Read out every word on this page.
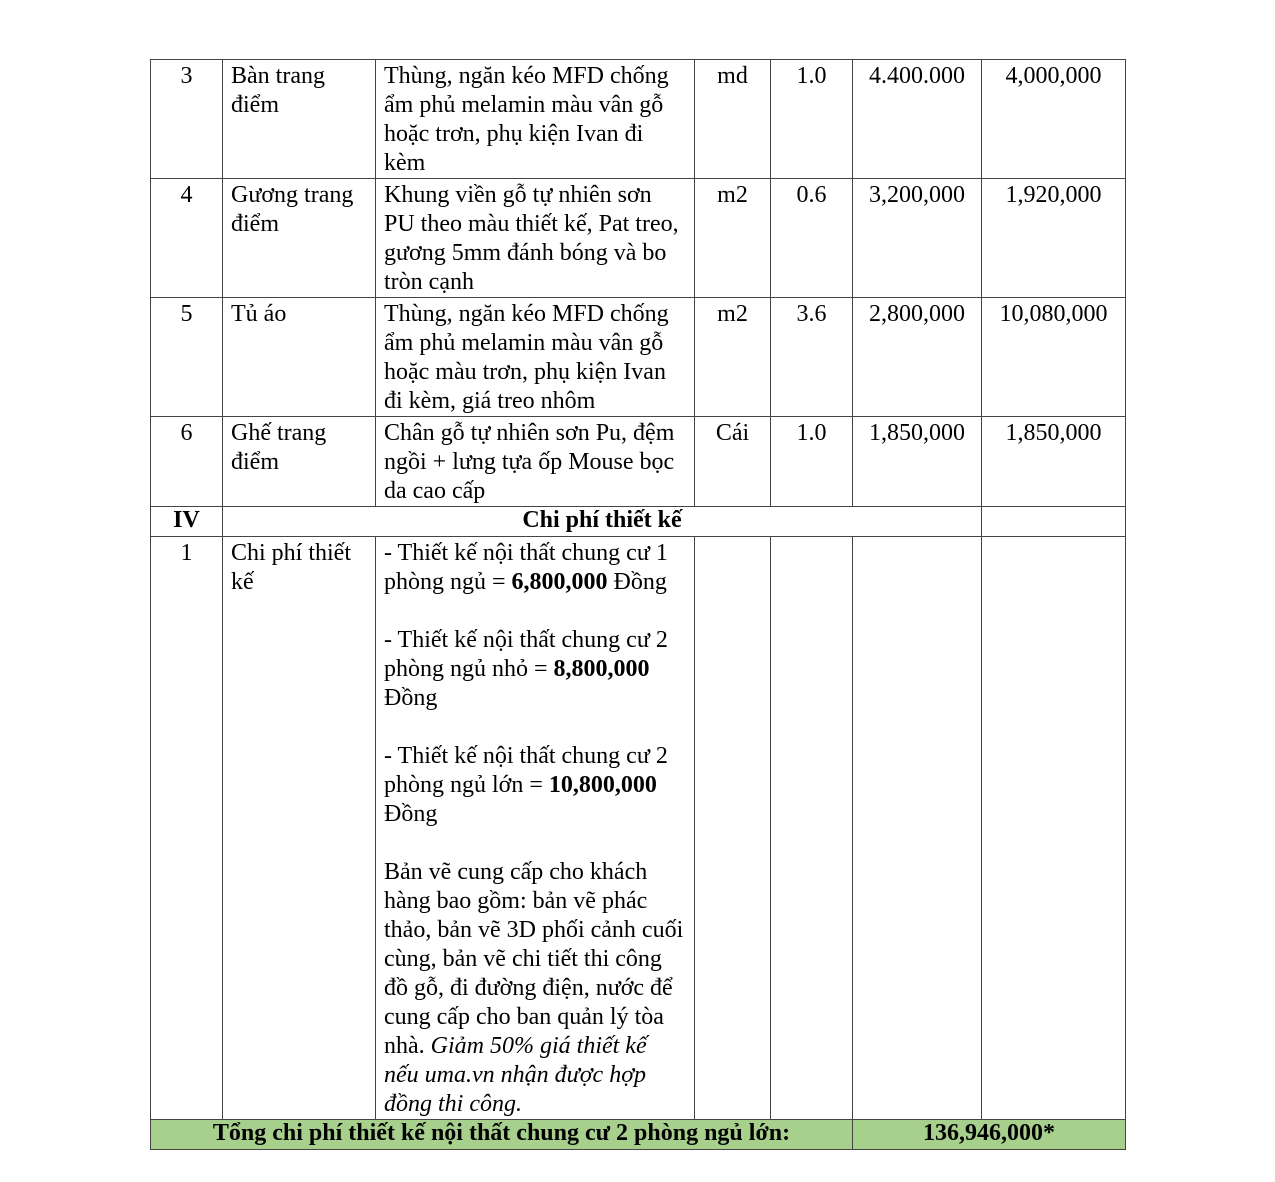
3	Bàn trang điểm	Thùng, ngăn kéo MFD chống ẩm phủ melamin màu vân gỗ hoặc trơn, phụ kiện Ivan đi kèm	md	1.0	4.400.000	4,000,000
4	Gương trang điểm	Khung viền gỗ tự nhiên sơn PU theo màu thiết kế, Pat treo, gương 5mm đánh bóng và bo tròn cạnh	m2	0.6	3,200,000	1,920,000
5	Tủ áo	Thùng, ngăn kéo MFD chống ẩm phủ melamin màu vân gỗ hoặc màu trơn, phụ kiện Ivan đi kèm, giá treo nhôm	m2	3.6	2,800,000	10,080,000
6	Ghế trang điểm	Chân gỗ tự nhiên sơn Pu, đệm ngồi + lưng tựa ốp Mouse bọc da cao cấp	Cái	1.0	1,850,000	1,850,000
IV	Chi phí thiết kế					
1	Chi phí thiết kế	- Thiết kế nội thất chung cư 1 phòng ngủ = 6,800,000 Đồng

- Thiết kế nội thất chung cư 2 phòng ngủ nhỏ = 8,800,000 Đồng

- Thiết kế nội thất chung cư 2 phòng ngủ lớn = 10,800,000 Đồng

Bản vẽ cung cấp cho khách hàng bao gồm: bản vẽ phác thảo, bản vẽ 3D phối cảnh cuối cùng, bản vẽ chi tiết thi công đồ gỗ, đi đường điện, nước để cung cấp cho ban quản lý tòa nhà. Giảm 50% giá thiết kế nếu uma.vn nhận được hợp đồng thi công.				

Tổng chi phí thiết kế nội thất chung cư 2 phòng ngủ lớn:					136,946,000*	
